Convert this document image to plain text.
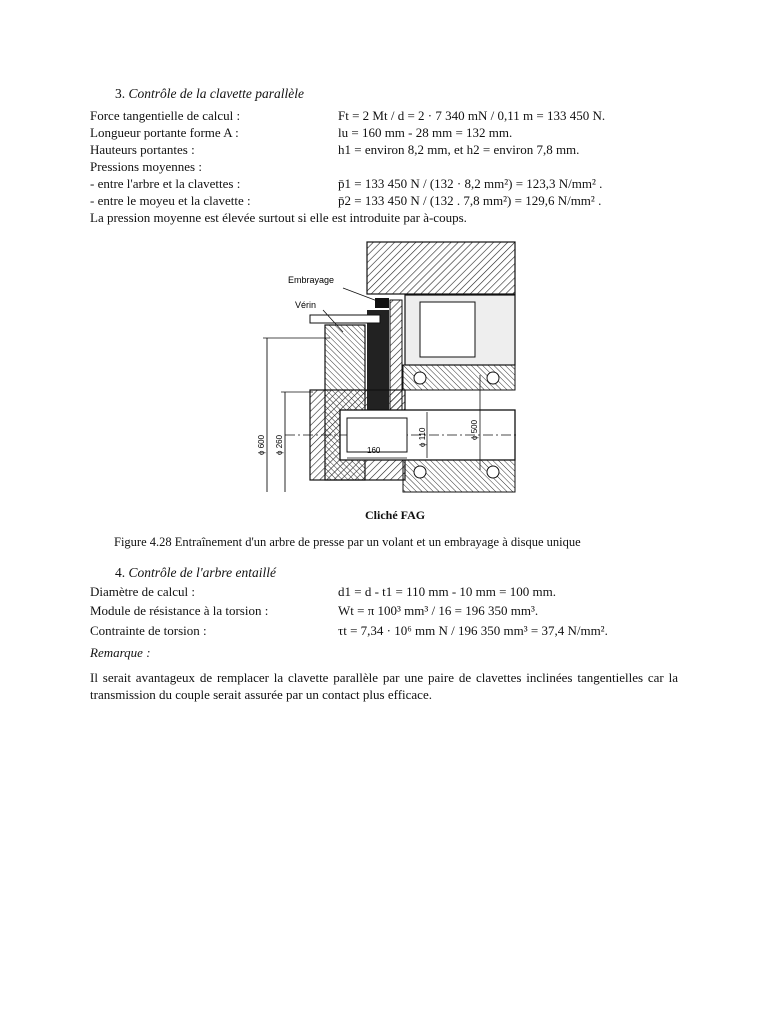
3. Contrôle de la clavette parallèle
Force tangentielle de calcul :	Ft = 2 Mt / d = 2 · 7 340 mN / 0,11 m = 133 450 N.
Longueur portante forme A :	lu = 160 mm - 28 mm = 132 mm.
Hauteurs portantes :	h1 = environ 8,2 mm, et h2 = environ 7,8 mm.
Pressions moyennes :
- entre l'arbre et la clavettes :	p̄1 = 133 450 N / (132 · 8,2 mm²) = 123,3 N/mm² .
- entre le moyeu et la clavette :	p̄2 = 133 450 N / (132 . 7,8 mm²) = 129,6 N/mm² .
La pression moyenne est élevée surtout si elle est introduite par à-coups.
Embrayage
Vérin
ϕ 600 ϕ 260	ϕ 110	ϕ 500
160
Cliché FAG
Figure 4.28 Entraînement d'un arbre de presse par un volant et un embrayage à disque unique
4. Contrôle de l'arbre entaillé
Diamètre de calcul :	d1 = d - t1 = 110 mm - 10 mm = 100 mm.
Module de résistance à la torsion :	Wt = π 100³ mm³ / 16 = 196 350 mm³.
Contrainte de torsion :	τt = 7,34 · 10⁶ mm N / 196 350 mm³ = 37,4 N/mm².
Remarque :
Il serait avantageux de remplacer la clavette parallèle par une paire de clavettes inclinées tangentielles car la transmission du couple serait assurée par un contact plus efficace.
